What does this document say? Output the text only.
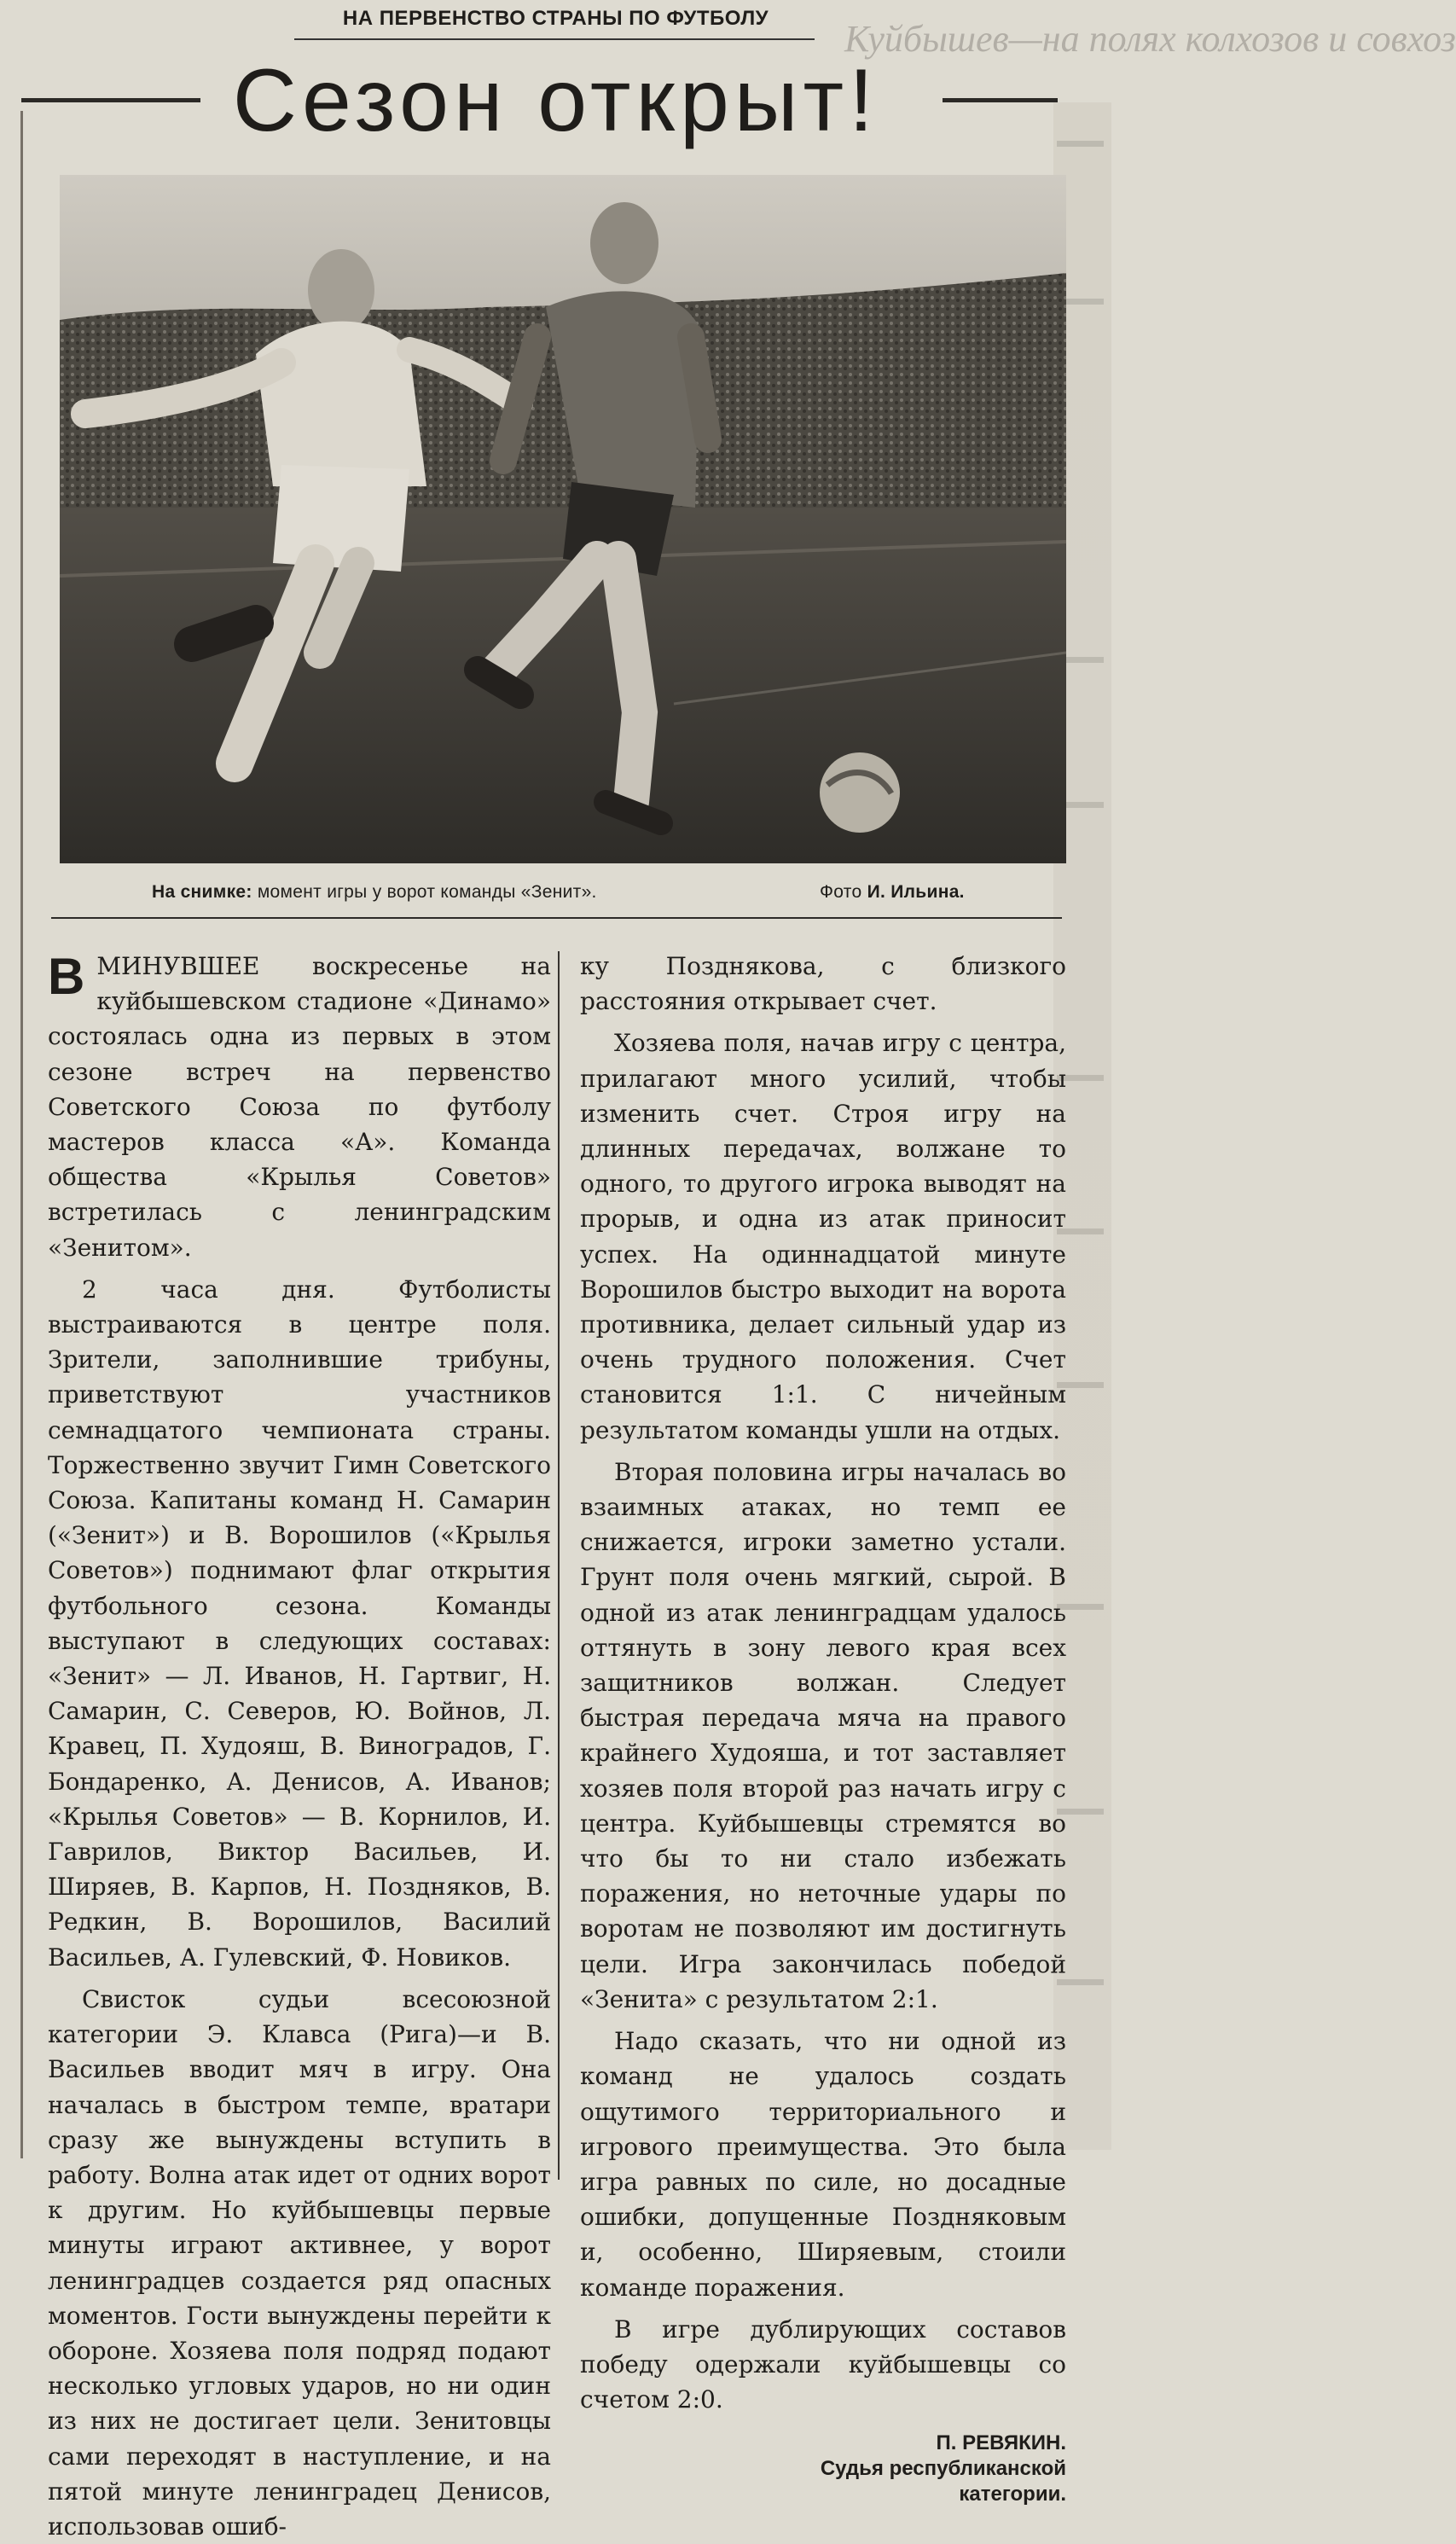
Куйбышев—на полях колхозов и совхоз
НА ПЕРВЕНСТВО СТРАНЫ ПО ФУТБОЛУ
Сезон открыт!
На снимке: момент игры у ворот команды «Зенит».	Фото И. Ильина.

ВМИНУВШЕЕ воскресенье на куйбышевском стадионе «Динамо» состоялась одна из первых в этом сезоне встреч на первенство Советского Союза по футболу мастеров класса «А». Команда общества «Крылья Советов» встретилась с ленинградским «Зенитом».

2 часа дня. Футболисты выстраиваются в центре поля. Зрители, заполнившие трибуны, приветствуют участников семнадцатого чемпионата страны. Торжественно звучит Гимн Советского Союза. Капитаны команд Н. Самарин («Зенит») и В. Ворошилов («Крылья Советов») поднимают флаг открытия футбольного сезона. Команды выступают в следующих составах: «Зенит» — Л. Иванов, Н. Гартвиг, Н. Самарин, С. Северов, Ю. Войнов, Л. Кравец, П. Худояш, В. Виноградов, Г. Бондаренко, А. Денисов, А. Иванов; «Крылья Советов» — В. Корнилов, И. Гаврилов, Виктор Васильев, И. Ширяев, В. Карпов, Н. Поздняков, В. Редкин, В. Ворошилов, Василий Васильев, А. Гулевский, Ф. Новиков.

Свисток судьи всесоюзной категории Э. Клавса (Рига)—и В. Васильев вводит мяч в игру. Она началась в быстром темпе, вратари сразу же вынуждены вступить в работу. Волна атак идет от одних ворот к другим. Но куйбышевцы первые минуты играют активнее, у ворот ленинградцев создается ряд опасных моментов. Гости вынуждены перейти к обороне. Хозяева поля подряд подают несколько угловых ударов, но ни один из них не достигает цели. Зенитовцы сами переходят в наступление, и на пятой минуте ленинградец Денисов, использовав ошиб-

ку Позднякова, с близкого расстояния открывает счет.

Хозяева поля, начав игру с центра, прилагают много усилий, чтобы изменить счет. Строя игру на длинных передачах, волжане то одного, то другого игрока выводят на прорыв, и одна из атак приносит успех. На одиннадцатой минуте Ворошилов быстро выходит на ворота противника, делает сильный удар из очень трудного положения. Счет становится 1:1. С ничейным результатом команды ушли на отдых.

Вторая половина игры началась во взаимных атаках, но темп ее снижается, игроки заметно устали. Грунт поля очень мягкий, сырой. В одной из атак ленинградцам удалось оттянуть в зону левого края всех защитников волжан. Следует быстрая передача мяча на правого крайнего Худояша, и тот заставляет хозяев поля второй раз начать игру с центра. Куйбышевцы стремятся во что бы то ни стало избежать поражения, но неточные удары по воротам не позволяют им достигнуть цели. Игра закончилась победой «Зенита» с результатом 2:1.

Надо сказать, что ни одной из команд не удалось создать ощутимого территориального и игрового преимущества. Это была игра равных по силе, но досадные ошибки, допущенные Поздняковым и, особенно, Ширяевым, стоили команде поражения.

В игре дублирующих составов победу одержали куйбышевцы со счетом 2:0.

П. РЕВЯКИН.
Судья республиканской
категории.
